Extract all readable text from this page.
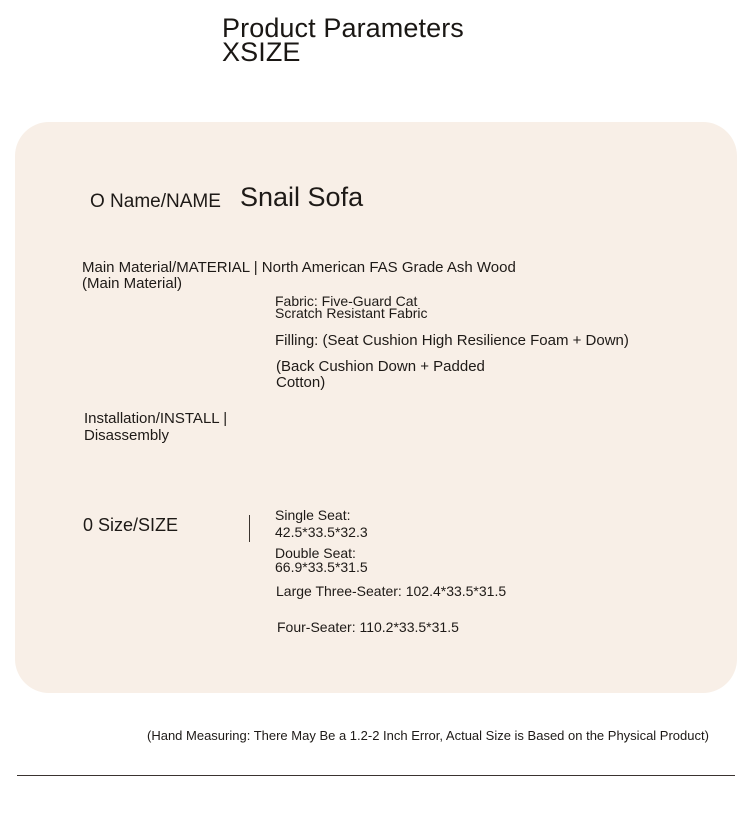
Product Parameters
XSIZE
O Name/NAME Snail Sofa
Main Material/MATERIAL | North American FAS Grade Ash Wood
(Main Material)
Fabric: Five-Guard Cat
Scratch Resistant Fabric
Filling: (Seat Cushion High Resilience Foam + Down)
(Back Cushion Down + Padded
Cotton)
Installation/INSTALL |
Disassembly
0 Size/SIZE	Single Seat:
42.5*33.5*32.3
Double Seat:
66.9*33.5*31.5
Large Three-Seater: 102.4*33.5*31.5
Four-Seater: 110.2*33.5*31.5
(Hand Measuring: There May Be a 1.2-2 Inch Error, Actual Size is Based on the Physical Product)
